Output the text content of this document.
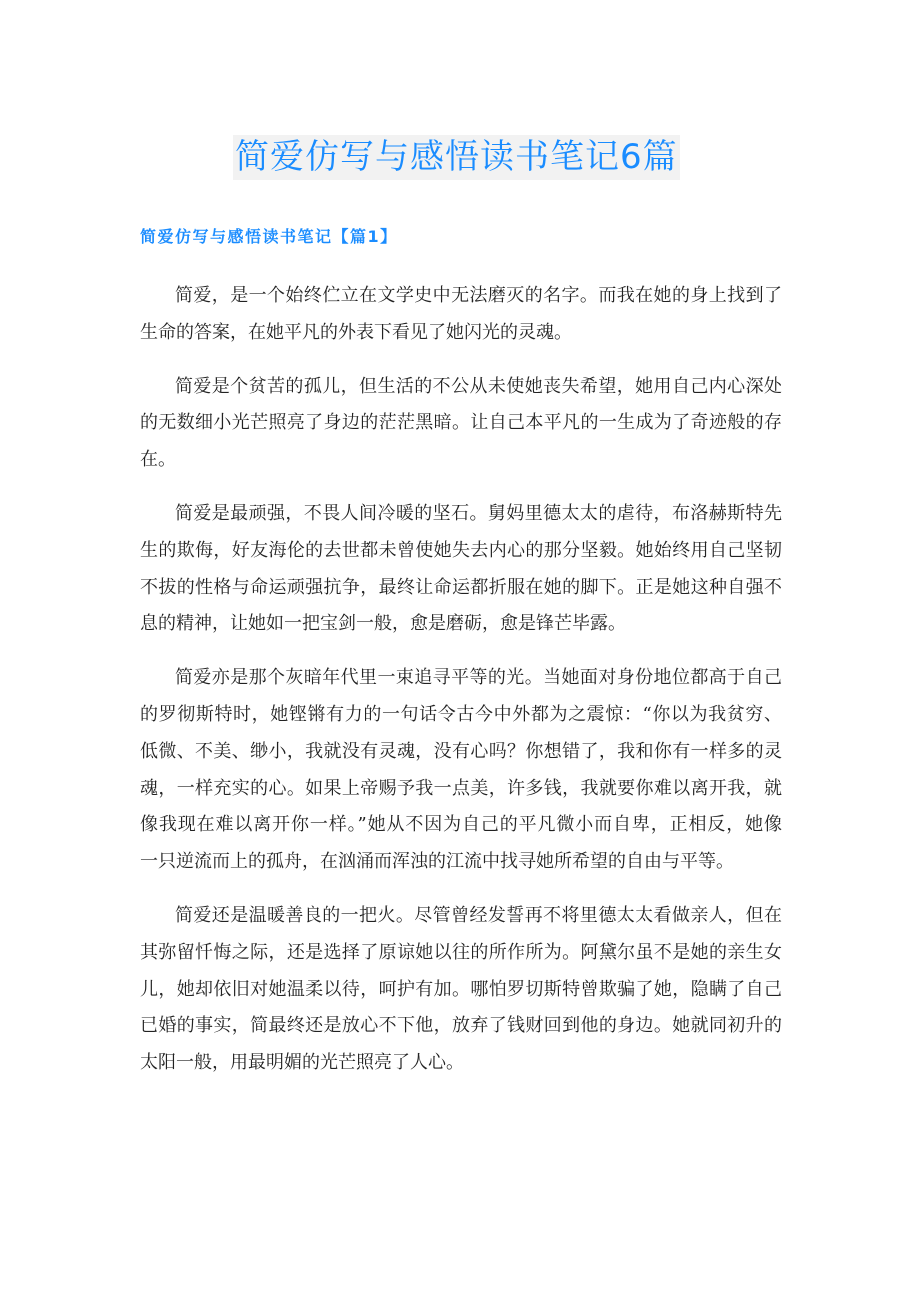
简爱仿写与感悟读书笔记6篇
简爱仿写与感悟读书笔记【篇1】
简爱，是一个始终伫立在文学史中无法磨灭的名字。而我在她的身上找到了
生命的答案，在她平凡的外表下看见了她闪光的灵魂。
简爱是个贫苦的孤儿，但生活的不公从未使她丧失希望，她用自己内心深处
的无数细小光芒照亮了身边的茫茫黑暗。让自己本平凡的一生成为了奇迹般的存
在。
简爱是最顽强，不畏人间冷暖的坚石。舅妈里德太太的虐待，布洛赫斯特先
生的欺侮，好友海伦的去世都未曾使她失去内心的那分坚毅。她始终用自己坚韧
不拔的性格与命运顽强抗争，最终让命运都折服在她的脚下。正是她这种自强不
息的精神，让她如一把宝剑一般，愈是磨砺，愈是锋芒毕露。
简爱亦是那个灰暗年代里一束追寻平等的光。当她面对身份地位都高于自己
的罗彻斯特时，她铿锵有力的一句话令古今中外都为之震惊：“你以为我贫穷、
低微、不美、缈小，我就没有灵魂，没有心吗？你想错了，我和你有一样多的灵
魂，一样充实的心。如果上帝赐予我一点美，许多钱，我就要你难以离开我，就
像我现在难以离开你一样。”她从不因为自己的平凡微小而自卑，正相反，她像
一只逆流而上的孤舟，在汹涌而浑浊的江流中找寻她所希望的自由与平等。
简爱还是温暖善良的一把火。尽管曾经发誓再不将里德太太看做亲人，但在
其弥留忏悔之际，还是选择了原谅她以往的所作所为。阿黛尔虽不是她的亲生女
儿，她却依旧对她温柔以待，呵护有加。哪怕罗切斯特曾欺骗了她，隐瞒了自己
已婚的事实，简最终还是放心不下他，放弃了钱财回到他的身边。她就同初升的
太阳一般，用最明媚的光芒照亮了人心。
